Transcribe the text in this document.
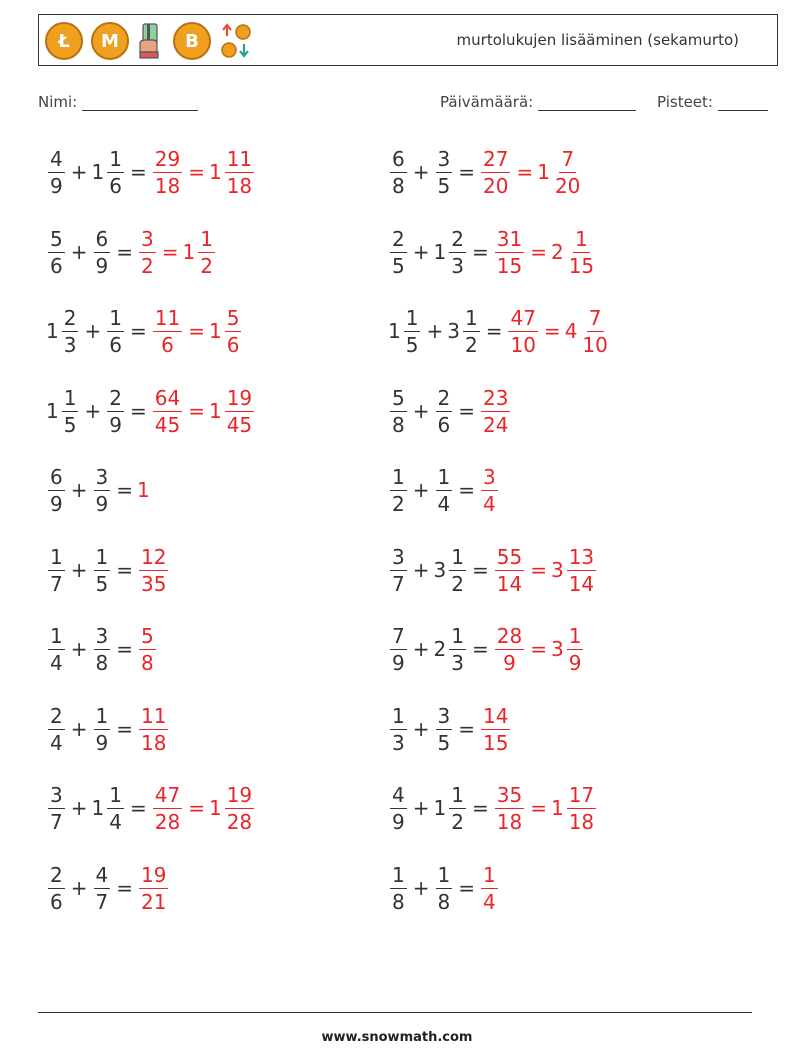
Ł	M	B	murtolukujen lisääminen (sekamurto)
Nimi:	Päivämäärä:	Pisteet:
$\frac{4}{9} + 1 \frac{1}{6} = \frac{29}{18} = 1 \frac{11}{18}$	$\frac{6}{8} + \frac{3}{5} = \frac{27}{20} = 1 \frac{7}{20}$
$\frac{5}{6} + \frac{6}{9} = \frac{3}{2} = 1 \frac{1}{2}$	$\frac{2}{5} + 1 \frac{2}{3} = \frac{31}{15} = 2 \frac{1}{15}$
$1 \frac{2}{3} + \frac{1}{6} = \frac{11}{6} = 1 \frac{5}{6}$	$1 \frac{1}{5} + 3 \frac{1}{2} = \frac{47}{10} = 4 \frac{7}{10}$
$1 \frac{1}{5} + \frac{2}{9} = \frac{64}{45} = 1 \frac{19}{45}$	$\frac{5}{8} + \frac{2}{6} = \frac{23}{24}$
$\frac{6}{9} + \frac{3}{9} = 1$	$\frac{1}{2} + \frac{1}{4} = \frac{3}{4}$
$\frac{1}{7} + \frac{1}{5} = \frac{12}{35}$	$\frac{3}{7} + 3 \frac{1}{2} = \frac{55}{14} = 3 \frac{13}{14}$
$\frac{1}{4} + \frac{3}{8} = \frac{5}{8}$	$\frac{7}{9} + 2 \frac{1}{3} = \frac{28}{9} = 3 \frac{1}{9}$
$\frac{2}{4} + \frac{1}{9} = \frac{11}{18}$	$\frac{1}{3} + \frac{3}{5} = \frac{14}{15}$
$\frac{3}{7} + 1 \frac{1}{4} = \frac{47}{28} = 1 \frac{19}{28}$	$\frac{4}{9} + 1 \frac{1}{2} = \frac{35}{18} = 1 \frac{17}{18}$
$\frac{2}{6} + \frac{4}{7} = \frac{19}{21}$	$\frac{1}{8} + \frac{1}{8} = \frac{1}{4}$
www.snowmath.com
